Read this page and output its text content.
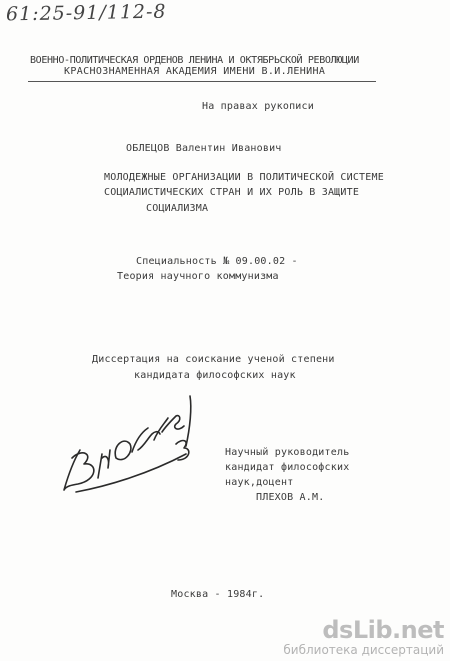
61:25-91/112-8
ВОЕННО-ПОЛИТИЧЕСКАЯ ОРДЕНОВ ЛЕНИНА И ОКТЯБРЬСКОЙ РЕВОЛЮЦИИ
КРАСНОЗНАМЕННАЯ АКАДЕМИЯ ИМЕНИ В.И.ЛЕНИНА
На правах рукописи
ОБЛЕЦОВ Валентин Иванович
МОЛОДЕЖНЫЕ ОРГАНИЗАЦИИ В ПОЛИТИЧЕСКОЙ СИСТЕМЕ
СОЦИАЛИСТИЧЕСКИХ СТРАН И ИХ РОЛЬ В ЗАЩИТЕ
СОЦИАЛИЗМА
Специальность № 09.00.02 -
Теория научного коммунизма
Диссертация на соискание ученой степени
кандидата философских наук
Научный руководитель
кандидат философских
наук,доцент
ПЛЕХОВ А.М.
Москва - 1984г.
dsLib.net
библиотека диссертаций
